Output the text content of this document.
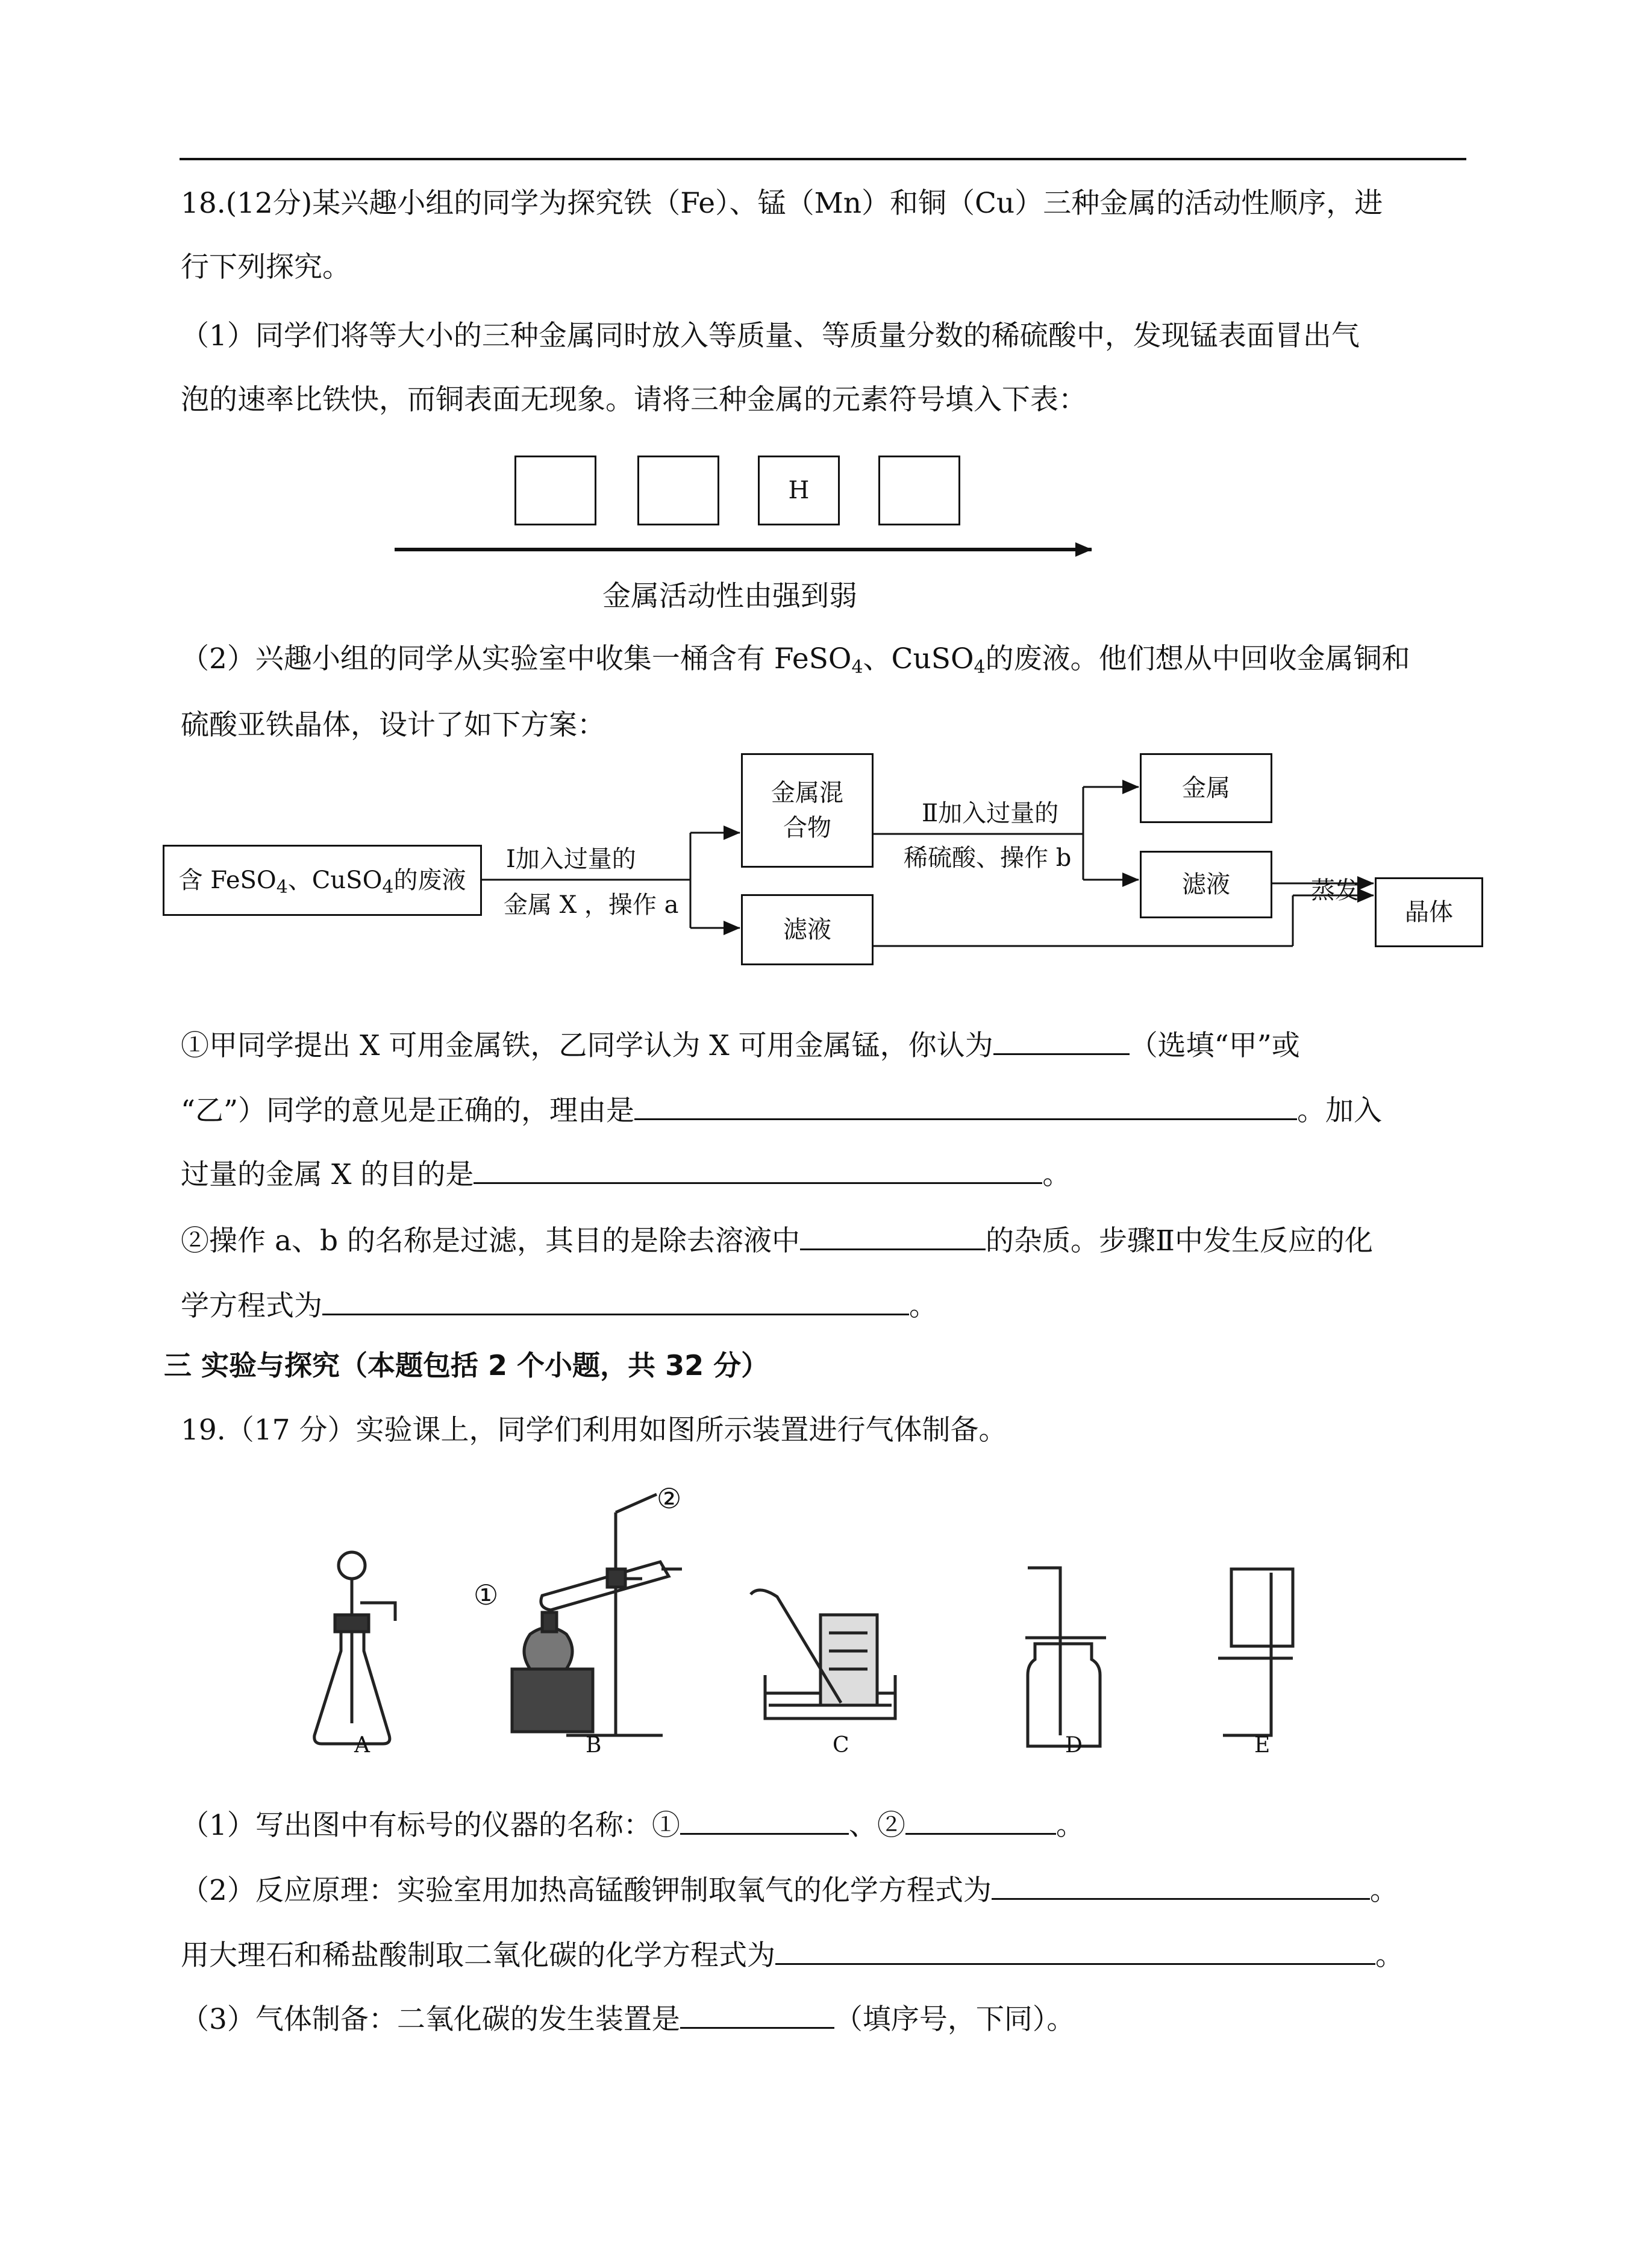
18.(12分)某兴趣小组的同学为探究铁（Fe）、锰（Mn）和铜（Cu）三种金属的活动性顺序，进
行下列探究。
（1）同学们将等大小的三种金属同时放入等质量、等质量分数的稀硫酸中，发现锰表面冒出气
泡的速率比铁快，而铜表面无现象。请将三种金属的元素符号填入下表：
H
金属活动性由强到弱
（2）兴趣小组的同学从实验室中收集一桶含有 FeSO$_4$、CuSO$_4$的废液。他们想从中回收金属铜和
硫酸亚铁晶体，设计了如下方案：
含 FeSO$_4$、CuSO$_4$的废液
金属混
合物
滤液
金属
滤液
晶体
Ⅰ加入过量的
金属 X ，操作 a
Ⅱ加入过量的
稀硫酸、操作 b
蒸发
①甲同学提出 X 可用金属铁，乙同学认为 X 可用金属锰，你认为	（选填“甲”或
“乙”）同学的意见是正确的，理由是	。加入
过量的金属 X 的目的是	。
②操作 a、b 的名称是过滤，其目的是除去溶液中	的杂质。步骤Ⅱ中发生反应的化
学方程式为	。
三 实验与探究（本题包括 2 个小题，共 32 分）
19.（17 分）实验课上，同学们利用如图所示装置进行气体制备。
②
①
A	B	C	D	E
（1）写出图中有标号的仪器的名称：①	、②	。
（2）反应原理：实验室用加热高锰酸钾制取氧气的化学方程式为	。
用大理石和稀盐酸制取二氧化碳的化学方程式为	。
（3）气体制备：二氧化碳的发生装置是	（填序号，下同）。
